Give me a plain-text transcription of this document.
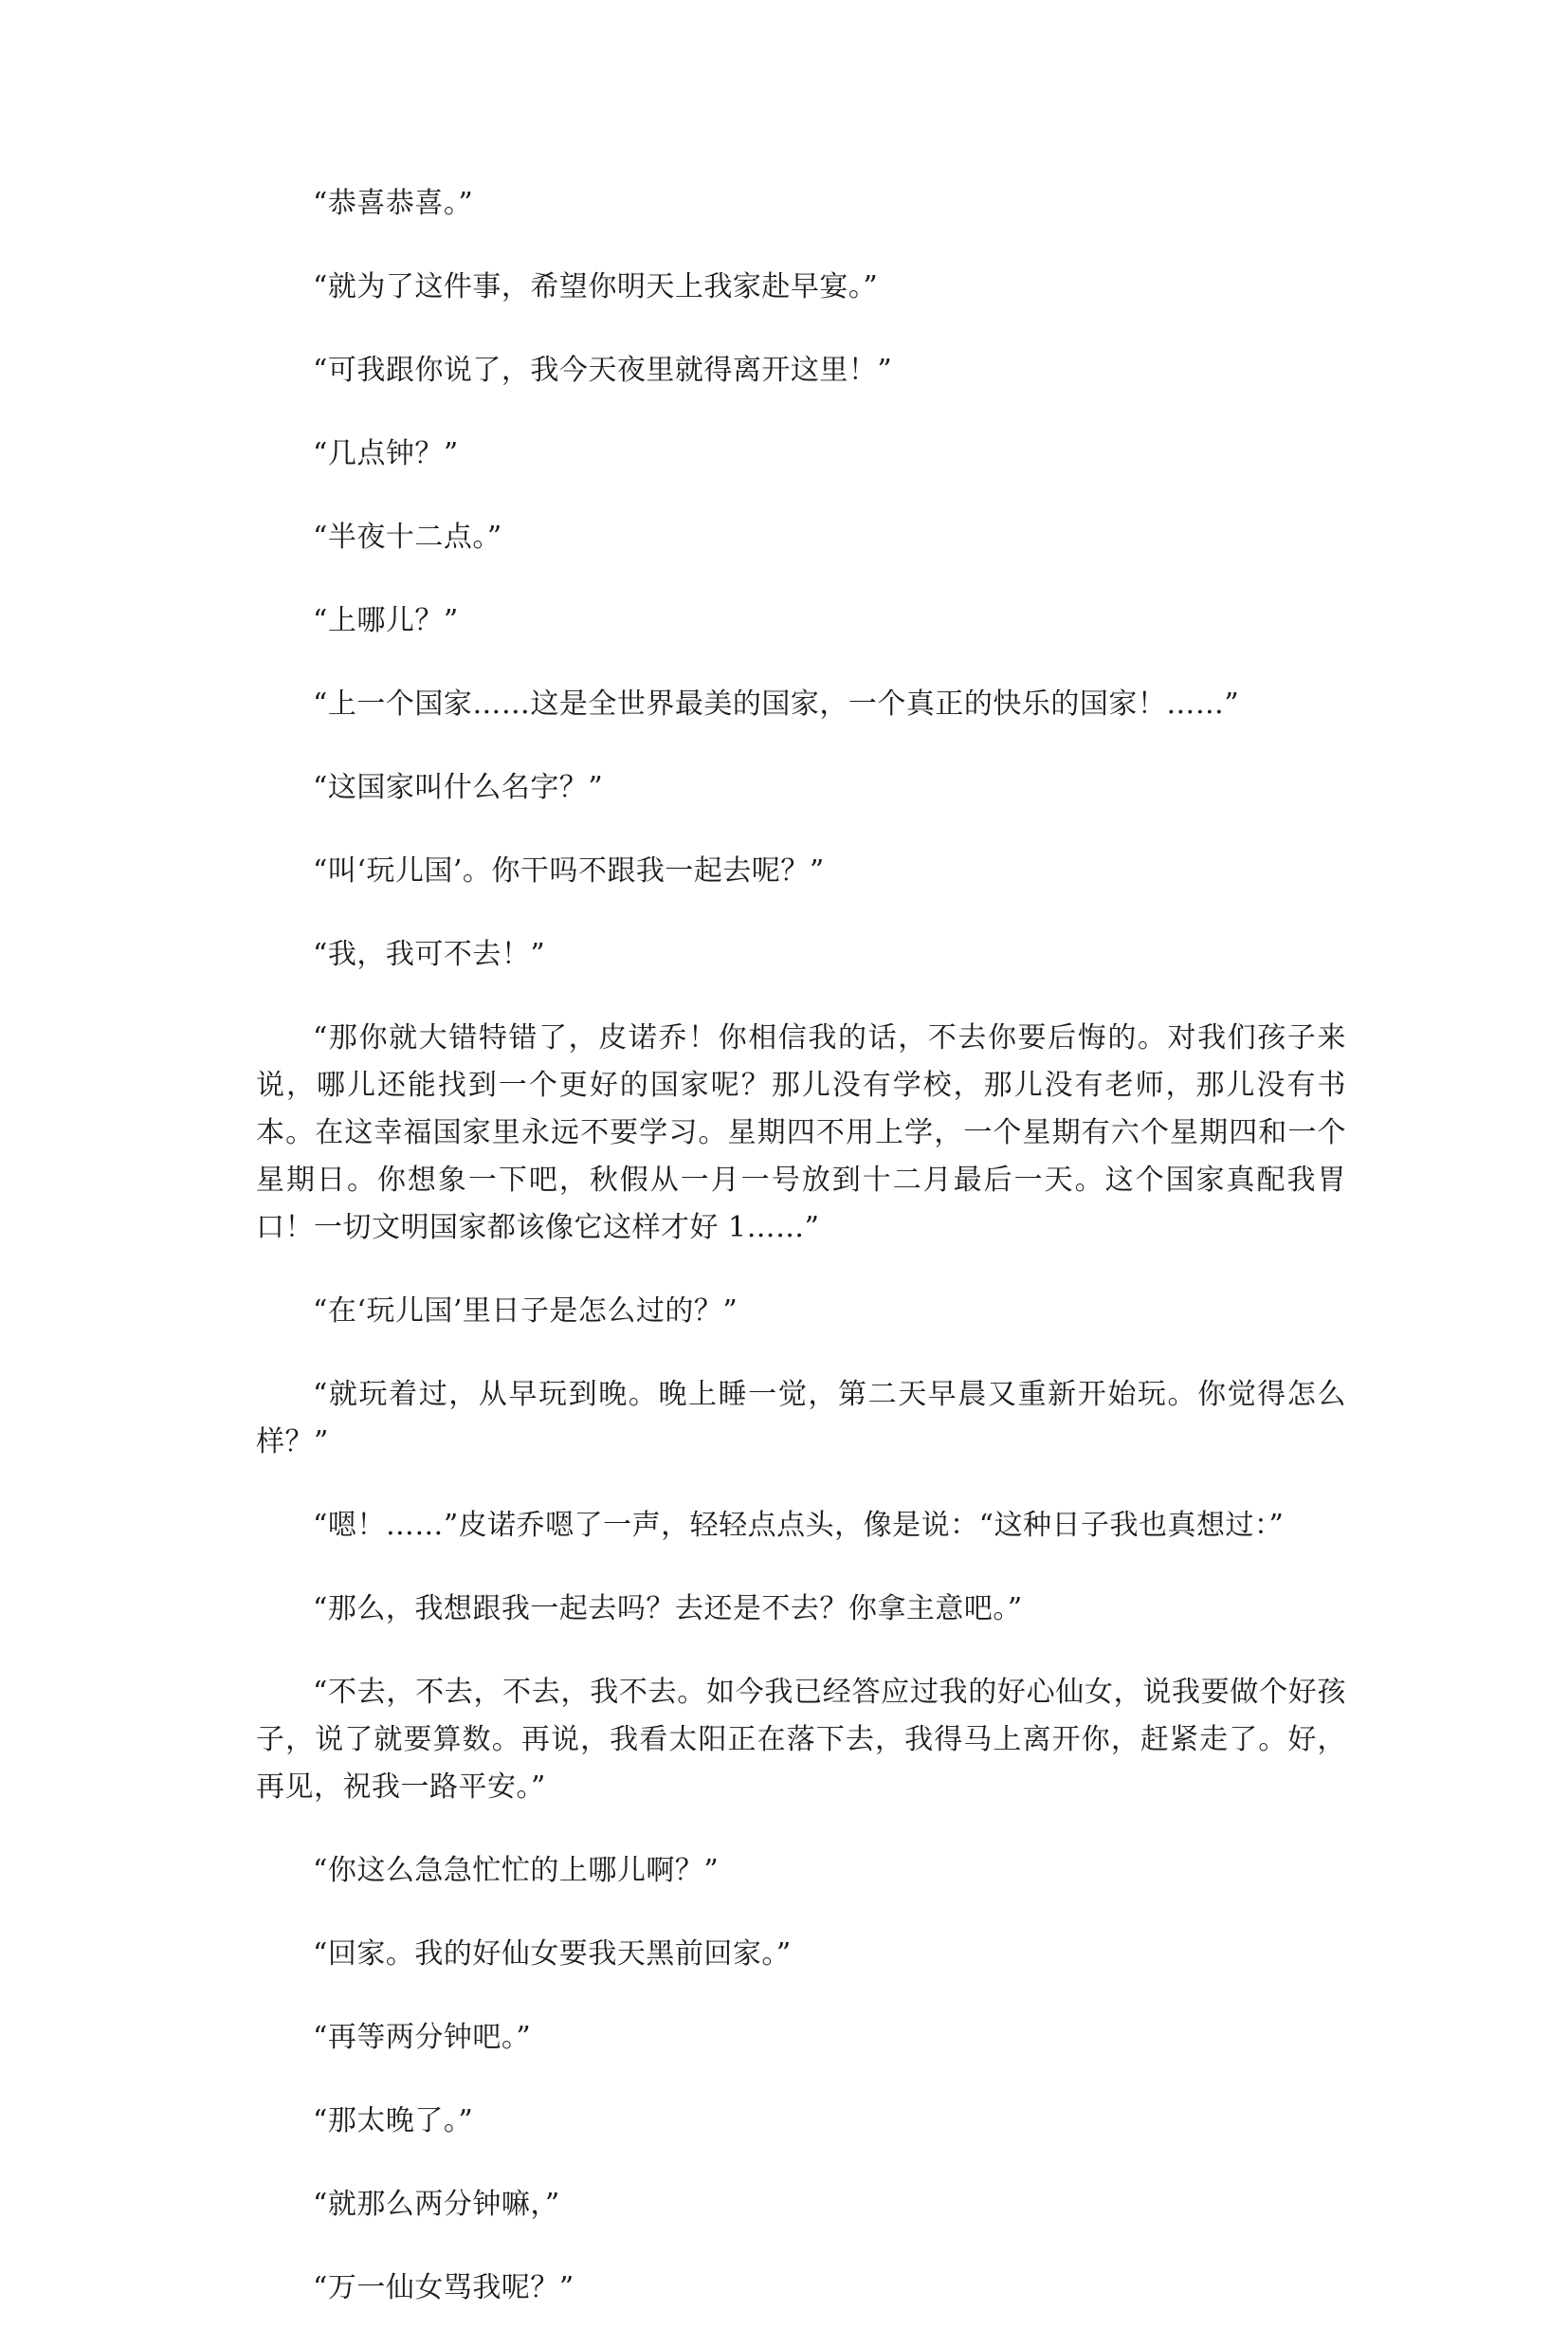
“恭喜恭喜。”

“就为了这件事，希望你明天上我家赴早宴。”

“可我跟你说了，我今天夜里就得离开这里！”

“几点钟？”

“半夜十二点。”

“上哪儿？”

“上一个国家……这是全世界最美的国家，一个真正的快乐的国家！……”

“这国家叫什么名字？”

“叫‘玩儿国’。你干吗不跟我一起去呢？”

“我，我可不去！”

“那你就大错特错了，皮诺乔！你相信我的话，不去你要后悔的。对我们孩子来说，哪儿还能找到一个更好的国家呢？那儿没有学校，那儿没有老师，那儿没有书本。在这幸福国家里永远不要学习。星期四不用上学，一个星期有六个星期四和一个星期日。你想象一下吧，秋假从一月一号放到十二月最后一天。这个国家真配我胃口！一切文明国家都该像它这样才好 1……”

“在‘玩儿国’里日子是怎么过的？”

“就玩着过，从早玩到晚。晚上睡一觉，第二天早晨又重新开始玩。你觉得怎么样？”

“嗯！……”皮诺乔嗯了一声，轻轻点点头，像是说：“这种日子我也真想过：”

“那么，我想跟我一起去吗？去还是不去？你拿主意吧。”

“不去，不去，不去，我不去。如今我已经答应过我的好心仙女，说我要做个好孩子，说了就要算数。再说，我看太阳正在落下去，我得马上离开你，赶紧走了。好，再见，祝我一路平安。”

“你这么急急忙忙的上哪儿啊？”

“回家。我的好仙女要我天黑前回家。”

“再等两分钟吧。”

“那太晚了。”

“就那么两分钟嘛，”

“万一仙女骂我呢？”
